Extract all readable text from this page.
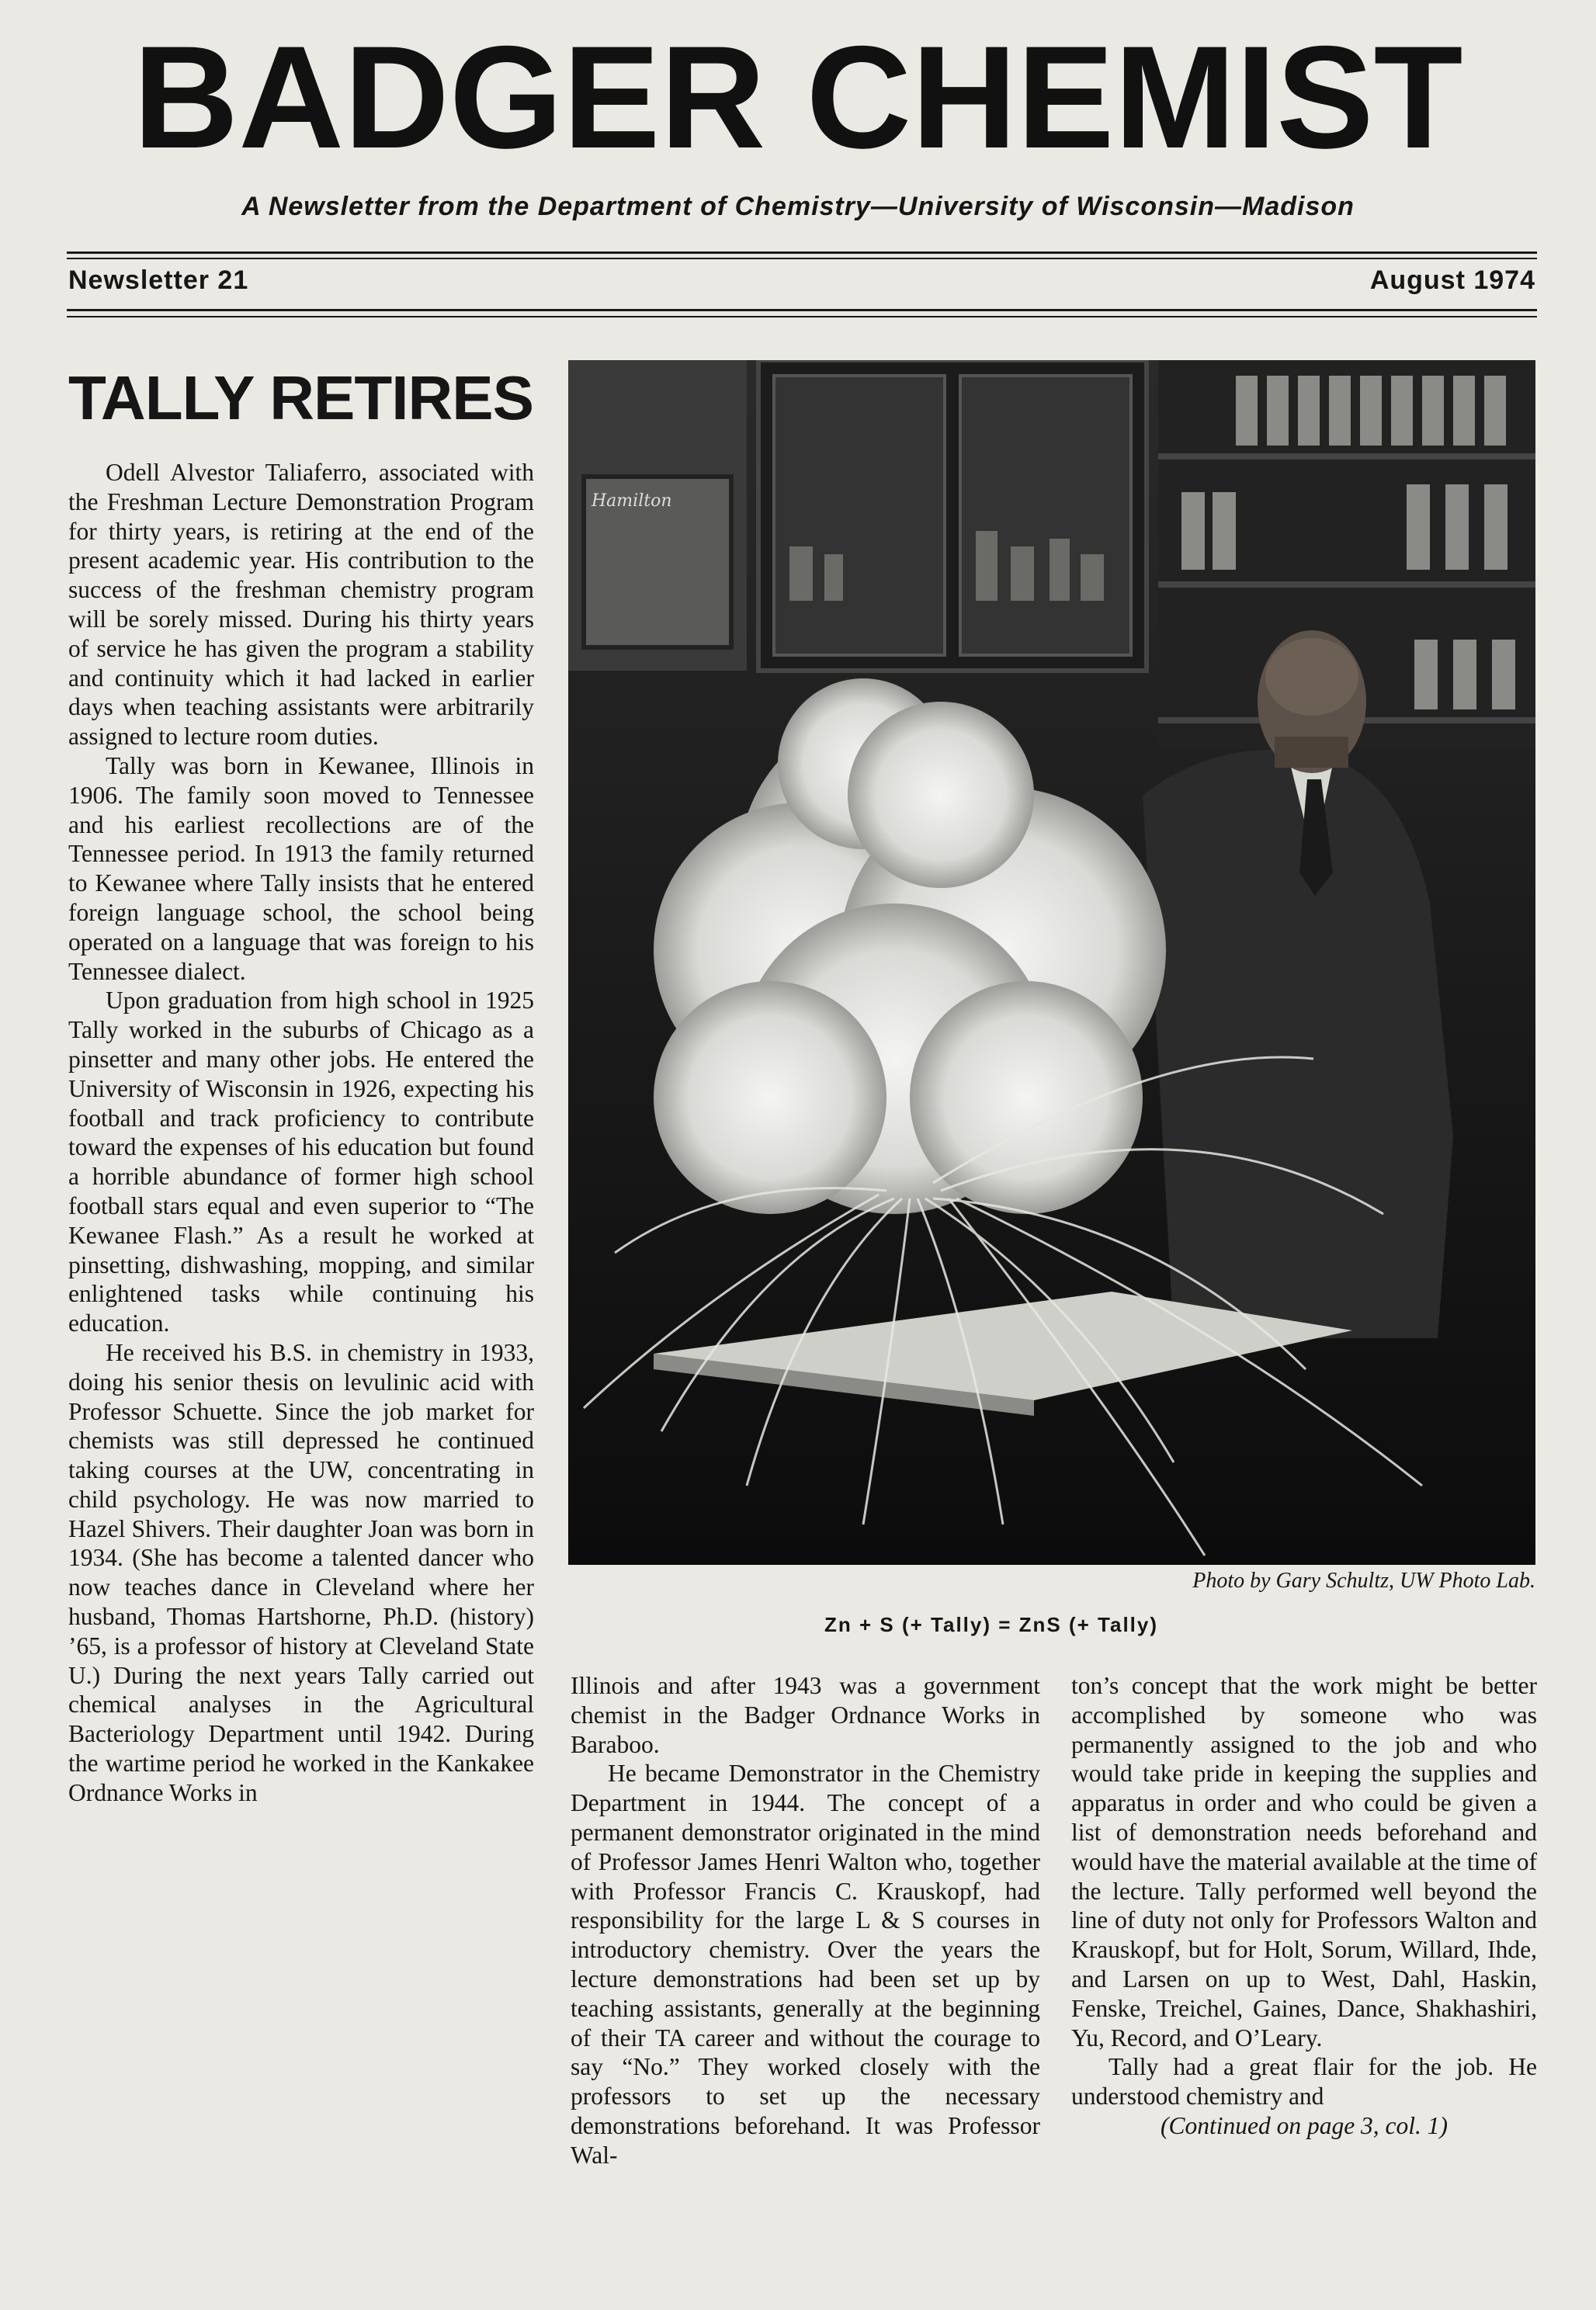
BADGER CHEMIST
A Newsletter from the Department of Chemistry—University of Wisconsin—Madison
Newsletter 21	August 1974
TALLY RETIRES

Odell Alvestor Taliaferro, associated with the Freshman Lecture Demonstration Program for thirty years, is retiring at the end of the present academic year. His contribution to the success of the freshman chemistry program will be sorely missed. During his thirty years of service he has given the program a stability and continuity which it had lacked in earlier days when teaching assistants were arbitrarily assigned to lecture room duties.

Tally was born in Kewanee, Illinois in 1906. The family soon moved to Tennessee and his earliest recollections are of the Tennessee period. In 1913 the family returned to Kewanee where Tally insists that he entered foreign language school, the school being operated on a language that was foreign to his Tennessee dialect.

Upon graduation from high school in 1925 Tally worked in the suburbs of Chicago as a pinsetter and many other jobs. He entered the University of Wisconsin in 1926, expecting his football and track proficiency to contribute toward the expenses of his education but found a horrible abundance of former high school football stars equal and even superior to “The Kewanee Flash.” As a result he worked at pinsetting, dishwashing, mopping, and similar enlightened tasks while continuing his education.

He received his B.S. in chemistry in 1933, doing his senior thesis on levulinic acid with Professor Schuette. Since the job market for chemists was still depressed he continued taking courses at the UW, concentrating in child psychology. He was now married to Hazel Shivers. Their daughter Joan was born in 1934. (She has become a talented dancer who now teaches dance in Cleveland where her husband, Thomas Hartshorne, Ph.D. (history) ’65, is a professor of history at Cleveland State U.) During the next years Tally carried out chemical analyses in the Agricultural Bacteriology Department until 1942. During the wartime period he worked in the Kankakee Ordnance Works in

Hamilton
Photo by Gary Schultz, UW Photo Lab.
Zn + S (+ Tally) = ZnS (+ Tally)

Illinois and after 1943 was a government chemist in the Badger Ordnance Works in Baraboo.

He became Demonstrator in the Chemistry Department in 1944. The concept of a permanent demonstrator originated in the mind of Professor James Henri Walton who, together with Professor Francis C. Krauskopf, had responsibility for the large L & S courses in introductory chemistry. Over the years the lecture demonstrations had been set up by teaching assistants, generally at the beginning of their TA career and without the courage to say “No.” They worked closely with the professors to set up the necessary demonstrations beforehand. It was Professor Wal-

ton’s concept that the work might be better accomplished by someone who was permanently assigned to the job and who would take pride in keeping the supplies and apparatus in order and who could be given a list of demonstration needs beforehand and would have the material available at the time of the lecture. Tally performed well beyond the line of duty not only for Professors Walton and Krauskopf, but for Holt, Sorum, Willard, Ihde, and Larsen on up to West, Dahl, Haskin, Fenske, Treichel, Gaines, Dance, Shakhashiri, Yu, Record, and O’Leary.

Tally had a great flair for the job. He understood chemistry and

(Continued on page 3, col. 1)
